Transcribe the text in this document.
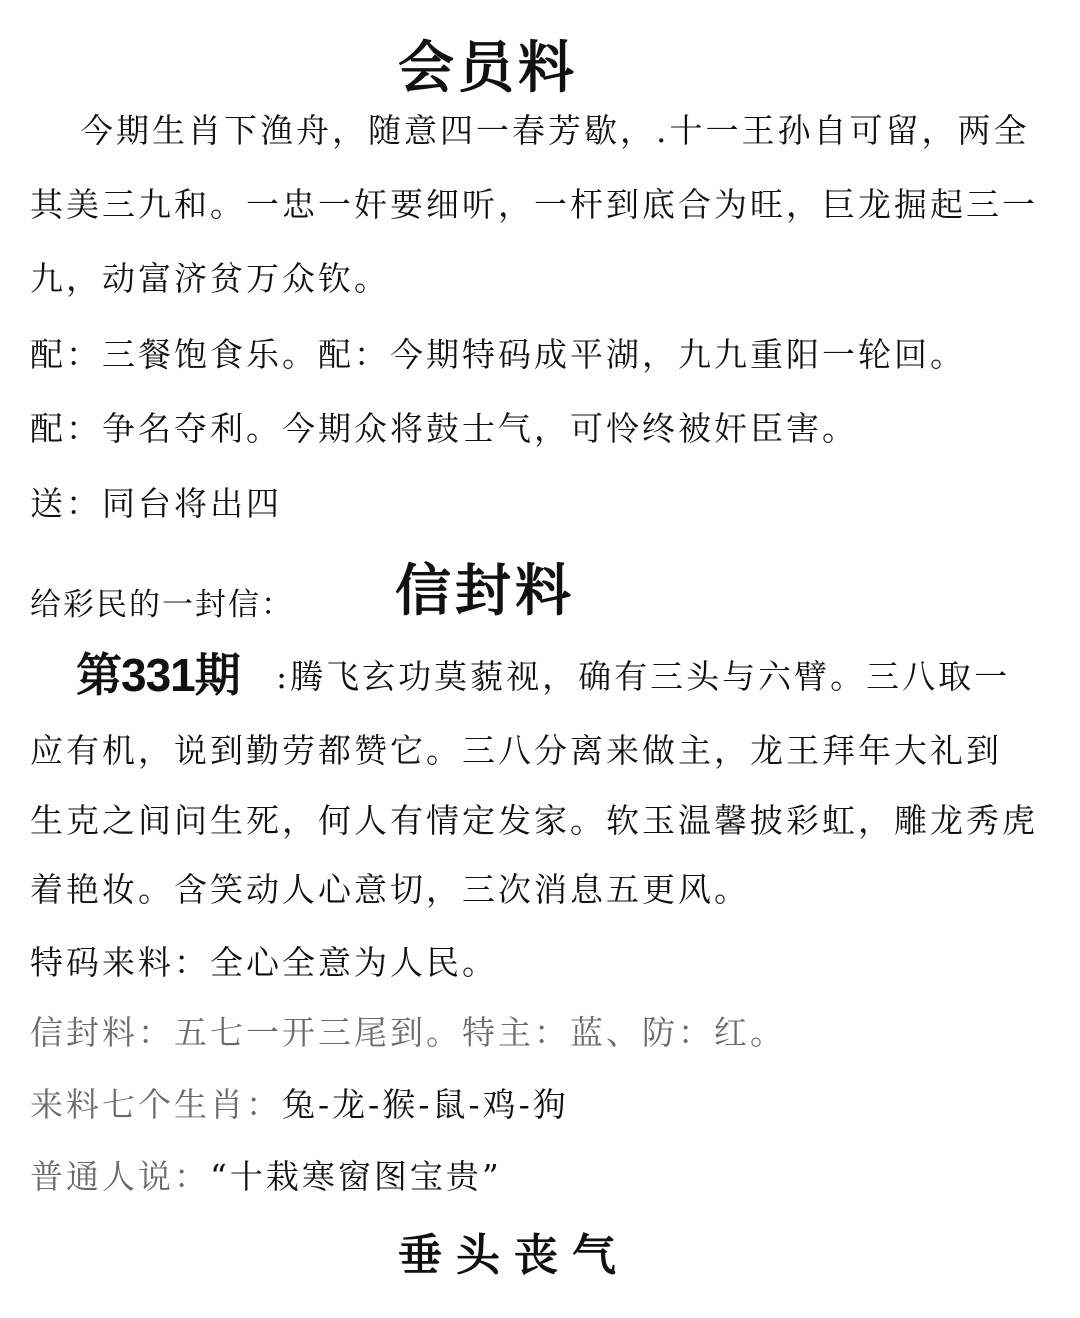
会员料
今期生肖下渔舟，随意四一春芳歇，.十一王孙自可留，两全
其美三九和。一忠一奸要细听，一杆到底合为旺，巨龙掘起三一
九，动富济贫万众钦。
配：三餐饱食乐。配：今期特码成平湖，九九重阳一轮回。
配：争名夺利。今期众将鼓士气，可怜终被奸臣害。
送：同台将出四
给彩民的一封信： 信封料
第331期 :腾飞玄功莫藐视，确有三头与六臂。三八取一
应有机，说到勤劳都赞它。三八分离来做主，龙王拜年大礼到
生克之间问生死，何人有情定发家。软玉温馨披彩虹，雕龙秀虎
着艳妆。含笑动人心意切，三次消息五更风。
特码来料：全心全意为人民。
信封料：五七一开三尾到。特主：蓝、防：红。
来料七个生肖：兔-龙-猴-鼠-鸡-狗
普通人说：“十栽寒窗图宝贵”
垂头丧气
